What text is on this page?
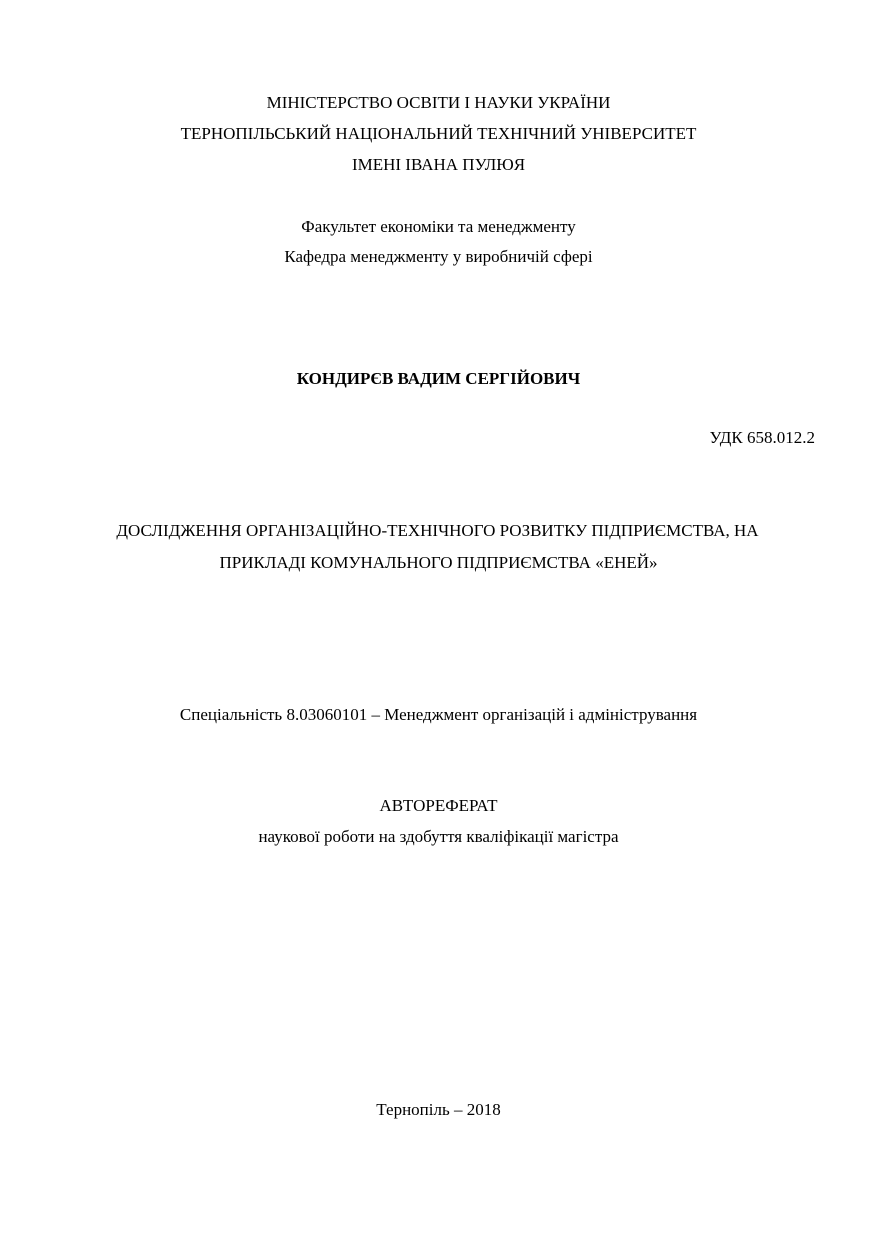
МІНІСТЕРСТВО ОСВІТИ І НАУКИ УКРАЇНИ
ТЕРНОПІЛЬСЬКИЙ НАЦІОНАЛЬНИЙ ТЕХНІЧНИЙ УНІВЕРСИТЕТ
ІМЕНІ ІВАНА ПУЛЮЯ
Факультет економіки та менеджменту
Кафедра менеджменту у виробничій сфері
КОНДИРЄВ ВАДИМ СЕРГІЙОВИЧ
УДК 658.012.2
ДОСЛІДЖЕННЯ ОРГАНІЗАЦІЙНО-ТЕХНІЧНОГО РОЗВИТКУ ПІДПРИЄМСТВА, НА
ПРИКЛАДІ КОМУНАЛЬНОГО ПІДПРИЄМСТВА «ЕНЕЙ»
Спеціальність 8.03060101 – Менеджмент організацій і адміністрування
АВТОРЕФЕРАТ
наукової роботи на здобуття кваліфікації магістра
Тернопіль – 2018
